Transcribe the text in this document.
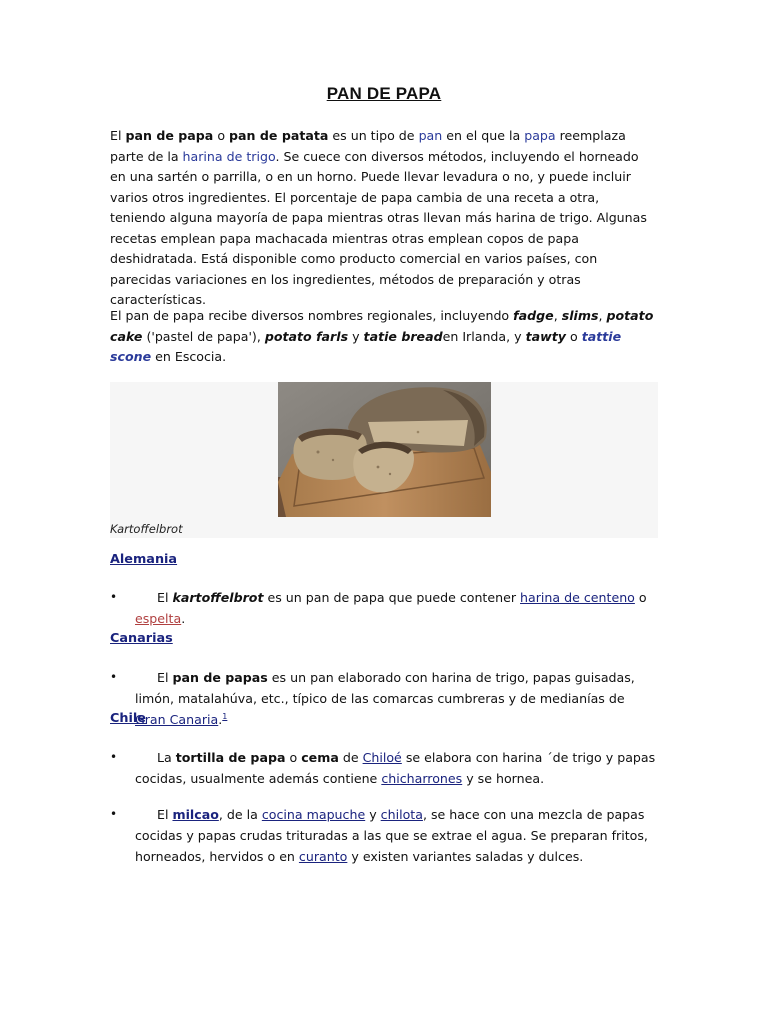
PAN DE PAPA

El pan de papa o pan de patata es un tipo de pan en el que la papa reemplaza parte de la harina de trigo. Se cuece con diversos métodos, incluyendo el horneado en una sartén o parrilla, o en un horno. Puede llevar levadura o no, y puede incluir varios otros ingredientes. El porcentaje de papa cambia de una receta a otra, teniendo alguna mayoría de papa mientras otras llevan más harina de trigo. Algunas recetas emplean papa machacada mientras otras emplean copos de papa deshidratada. Está disponible como producto comercial en varios países, con parecidas variaciones en los ingredientes, métodos de preparación y otras características.

El pan de papa recibe diversos nombres regionales, incluyendo fadge, slims, potato cake ('pastel de papa'), potato farls y tatie breaden Irlanda, y tawty o tattie scone en Escocia.

Kartoffelbrot
Alemania
•	El kartoffelbrot es un pan de papa que puede contener harina de centeno o espelta.
Canarias
•	El pan de papas es un pan elaborado con harina de trigo, papas guisadas, limón, matalahúva, etc., típico de las comarcas cumbreras y de medianías de Gran Canaria.$^1$
Chile
•	La tortilla de papa o cema de Chiloé se elabora con harina ´de trigo y papas cocidas, usualmente además contiene chicharrones y se hornea.
•	El milcao, de la cocina mapuche y chilota, se hace con una mezcla de papas cocidas y papas crudas trituradas a las que se extrae el agua. Se preparan fritos, horneados, hervidos o en curanto y existen variantes saladas y dulces.
